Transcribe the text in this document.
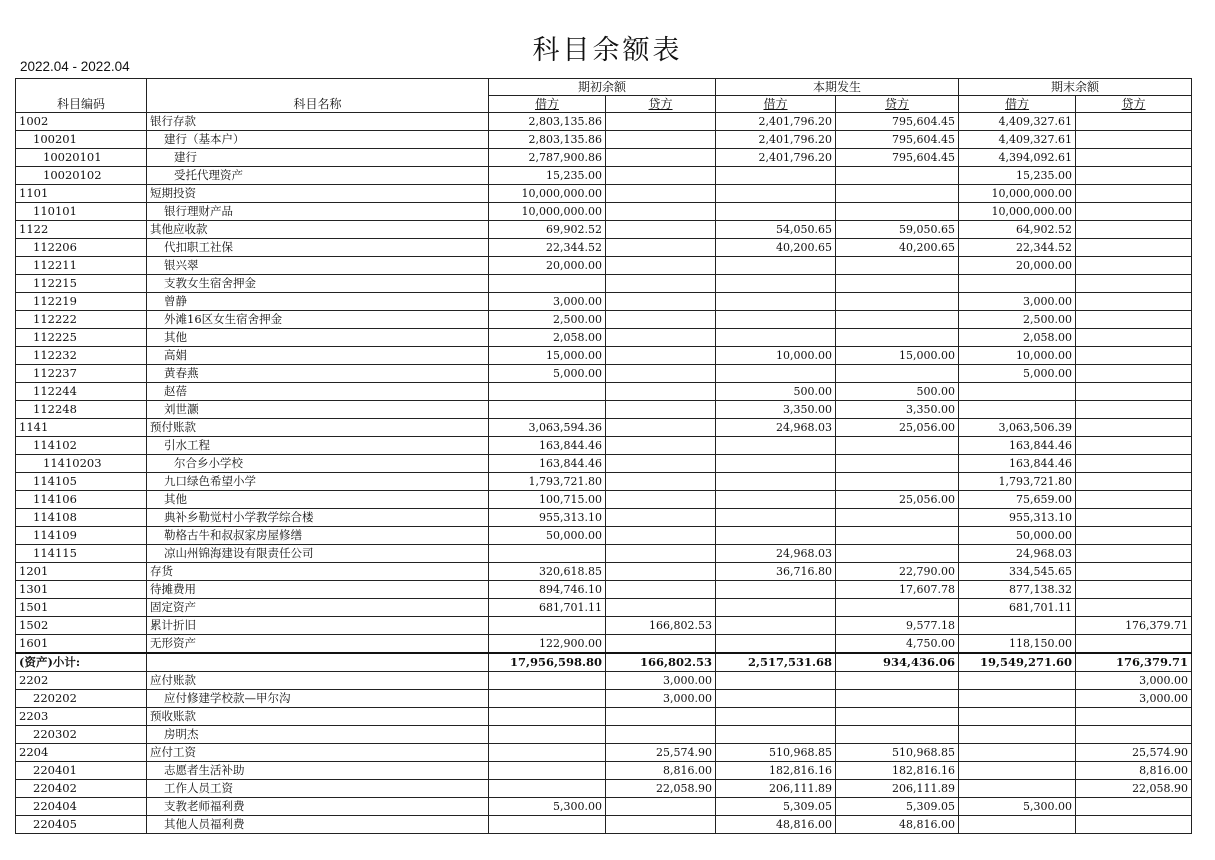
科目余额表
2022.04 - 2022.04
科目编码	科目名称	期初余额		本期发生		期末余额	
		借方	贷方	借方	贷方	借方	贷方
1002	银行存款	2,803,135.86		2,401,796.20	795,604.45	4,409,327.61	
100201	建行（基本户）	2,803,135.86		2,401,796.20	795,604.45	4,409,327.61	
10020101	建行	2,787,900.86		2,401,796.20	795,604.45	4,394,092.61	
10020102	受托代理资产	15,235.00				15,235.00	
1101	短期投资	10,000,000.00				10,000,000.00	
110101	银行理财产品	10,000,000.00				10,000,000.00	
1122	其他应收款	69,902.52		54,050.65	59,050.65	64,902.52	
112206	代扣职工社保	22,344.52		40,200.65	40,200.65	22,344.52	
112211	银兴翠	20,000.00				20,000.00	
112215	支教女生宿舍押金						
112219	曾静	3,000.00				3,000.00	
112222	外滩16区女生宿舍押金	2,500.00				2,500.00	
112225	其他	2,058.00				2,058.00	
112232	高娟	15,000.00		10,000.00	15,000.00	10,000.00	
112237	黄春燕	5,000.00				5,000.00	
112244	赵蓓			500.00	500.00		
112248	刘世灏			3,350.00	3,350.00		
1141	预付账款	3,063,594.36		24,968.03	25,056.00	3,063,506.39	
114102	引水工程	163,844.46				163,844.46	
11410203	尔合乡小学校	163,844.46				163,844.46	
114105	九口绿色希望小学	1,793,721.80				1,793,721.80	
114106	其他	100,715.00			25,056.00	75,659.00	
114108	典补乡勒觉村小学教学综合楼	955,313.10				955,313.10	
114109	勒格古牛和叔叔家房屋修缮	50,000.00				50,000.00	
114115	凉山州锦海建设有限责任公司			24,968.03		24,968.03	
1201	存货	320,618.85		36,716.80	22,790.00	334,545.65	
1301	待摊费用	894,746.10			17,607.78	877,138.32	
1501	固定资产	681,701.11				681,701.11	
1502	累计折旧		166,802.53		9,577.18		176,379.71
1601	无形资产	122,900.00			4,750.00	118,150.00	
(资产)小计:		17,956,598.80	166,802.53	2,517,531.68	934,436.06	19,549,271.60	176,379.71
2202	应付账款		3,000.00				3,000.00
220202	应付修建学校款—甲尔沟		3,000.00				3,000.00
2203	预收账款						
220302	房明杰						
2204	应付工资		25,574.90	510,968.85	510,968.85		25,574.90
220401	志愿者生活补助		8,816.00	182,816.16	182,816.16		8,816.00
220402	工作人员工资		22,058.90	206,111.89	206,111.89		22,058.90
220404	支教老师福利费	5,300.00		5,309.05	5,309.05	5,300.00	
220405	其他人员福利费			48,816.00	48,816.00		
